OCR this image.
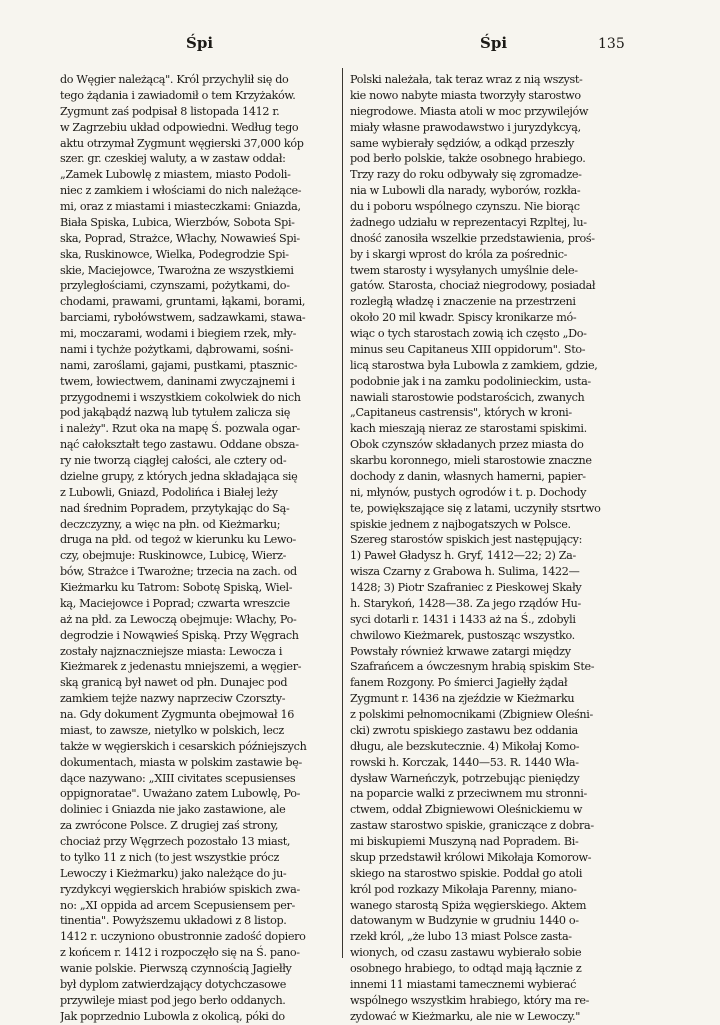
Śpi	Śpi	135
do Węgier należącą". Król przychylił się do
tego żądania i zawiadomił o tem Krzyżaków.
Zygmunt zaś podpisał 8 listopada 1412 r.
w Zagrzebiu układ odpowiedni. Według tego
aktu otrzymał Zygmunt węgierski 37,000 kóp
szer. gr. czeskiej waluty, a w zastaw oddał:
„Zamek Lubowlę z miastem, miasto Podoli-
niec z zamkiem i włościami do nich należące-
mi, oraz z miastami i miasteczkami: Gniazda,
Biała Spiska, Lubica, Wierzbów, Sobota Spi-
ska, Poprad, Strażce, Włachy, Nowawieś Spi-
ska, Ruskinowce, Wielka, Podegrodzie Spi-
skie, Maciejowce, Twarożna ze wszystkiemi
przyległościami, czynszami, pożytkami, do-
chodami, prawami, gruntami, łąkami, borami,
barciami, rybołówstwem, sadzawkami, stawa-
mi, moczarami, wodami i biegiem rzek, mły-
nami i tychże pożytkami, dąbrowami, sośni-
nami, zaroślami, gajami, pustkami, ptasznic-
twem, łowiectwem, daninami zwyczajnemi i
przygodnemi i wszystkiem cokolwiek do nich
pod jakąbądź nazwą lub tytułem zalicza się
i należy". Rzut oka na mapę Ś. pozwala ogar-
nąć całokształt tego zastawu. Oddane obsza-
ry nie tworzą ciągłej całości, ale cztery od-
dzielne grupy, z których jedna składająca się
z Lubowli, Gniazd, Podolińca i Białej leży
nad średnim Popradem, przytykając do Są-
deczczyzny, a więc na płn. od Kieżmarku;
druga na płd. od tegoż w kierunku ku Lewo-
czy, obejmuje: Ruskinowce, Lubicę, Wierz-
bów, Strażce i Twarożne; trzecia na zach. od
Kieżmarku ku Tatrom: Sobotę Spiską, Wiel-
ką, Maciejowce i Poprad; czwarta wreszcie
aż na płd. za Lewoczą obejmuje: Włachy, Po-
degrodzie i Nowąwieś Spiską. Przy Węgrach
zostały najznaczniejsze miasta: Lewocza i
Kieżmarek z jedenastu mniejszemi, a węgier-
ską granicą był nawet od płn. Dunajec pod
zamkiem tejże nazwy naprzeciw Czorszty-
na. Gdy dokument Zygmunta obejmował 16
miast, to zawsze, nietylko w polskich, lecz
także w węgierskich i cesarskich późniejszych
dokumentach, miasta w polskim zastawie bę-
dące nazywano: „XIII civitates scepusienses
oppignoratae". Uważano zatem Lubowlę, Po-
doliniec i Gniazda nie jako zastawione, ale
za zwrócone Polsce. Z drugiej zaś strony,
chociaż przy Węgrzech pozostało 13 miast,
to tylko 11 z nich (to jest wszystkie prócz
Lewoczy i Kieżmarku) jako należące do ju-
ryzdykcyi węgierskich hrabiów spiskich zwa-
no: „XI oppida ad arcem Scepusiensem per-
tinentia". Powyższemu układowi z 8 listop.
1412 r. uczyniono obustronnie zadość dopiero
z końcem r. 1412 i rozpoczęło się na Ś. pano-
wanie polskie. Pierwszą czynnością Jagiełły
był dyplom zatwierdzający dotychczasowe
przywileje miast pod jego berło oddanych.
Jak poprzednio Lubowla z okolicą, póki do
Polski należała, tak teraz wraz z nią wszyst-
kie nowo nabyte miasta tworzyły starostwo
niegrodowe. Miasta atoli w moc przywilejów
miały własne prawodawstwo i juryzdykcyą,
same wybierały sędziów, a odkąd przeszły
pod berło polskie, także osobnego hrabiego.
Trzy razy do roku odbywały się zgromadze-
nia w Lubowli dla narady, wyborów, rozkła-
du i poboru wspólnego czynszu. Nie biorąc
żadnego udziału w reprezentacyi Rzpltej, lu-
dność zanosiła wszelkie przedstawienia, proś-
by i skargi wprost do króla za pośrednic-
twem starosty i wysyłanych umyślnie dele-
gatów. Starosta, chociaż niegrodowy, posiadał
rozległą władzę i znaczenie na przestrzeni
około 20 mil kwadr. Spiscy kronikarze mó-
wiąc o tych starostach zowią ich często „Do-
minus seu Capitaneus XIII oppidorum". Sto-
licą starostwa była Lubowla z zamkiem, gdzie,
podobnie jak i na zamku podolinieckim, usta-
nawiali starostowie podstarościch, zwanych
„Capitaneus castrensis", których w kroni-
kach mieszają nieraz ze starostami spiskimi.
Obok czynszów składanych przez miasta do
skarbu koronnego, mieli starostowie znaczne
dochody z danin, własnych hamerni, papier-
ni, młynów, pustych ogrodów i t. p. Dochody
te, powiększające się z latami, uczyniły stsrtwo
spiskie jednem z najbogatszych w Polsce.
Szereg starostów spiskich jest następujący:
1) Paweł Gładysz h. Gryf, 1412—22; 2) Za-
wisza Czarny z Grabowa h. Sulima, 1422—
1428; 3) Piotr Szafraniec z Pieskowej Skały
h. Starykoń, 1428—38. Za jego rządów Hu-
syci dotarli r. 1431 i 1433 aż na Ś., zdobyli
chwilowo Kieżmarek, pustosząc wszystko.
Powstały również krwawe zatargi między
Szafrańcem a ówczesnym hrabią spiskim Ste-
fanem Rozgony. Po śmierci Jagiełły żądał
Zygmunt r. 1436 na zjeździe w Kieżmarku
z polskimi pełnomocnikami (Zbigniew Oleśni-
cki) zwrotu spiskiego zastawu bez oddania
długu, ale bezskutecznie. 4) Mikołaj Komo-
rowski h. Korczak, 1440—53. R. 1440 Wła-
dysław Warneńczyk, potrzebując pieniędzy
na poparcie walki z przeciwnem mu stronni-
ctwem, oddał Zbigniewowi Oleśnickiemu w
zastaw starostwo spiskie, graniczące z dobra-
mi biskupiemi Muszyną nad Popradem. Bi-
skup przedstawił królowi Mikołaja Komorow-
skiego na starostwo spiskie. Poddał go atoli
król pod rozkazy Mikołaja Parenny, miano-
wanego starostą Spiża węgierskiego. Aktem
datowanym w Budzynie w grudniu 1440 o-
rzekł król, „że lubo 13 miast Polsce zasta-
wionych, od czasu zastawu wybierało sobie
osobnego hrabiego, to odtąd mają łącznie z
innemi 11 miastami tamecznemi wybierać
wspólnego wszystkim hrabiego, który ma re-
zydować w Kieżmarku, ale nie w Lewoczy."
